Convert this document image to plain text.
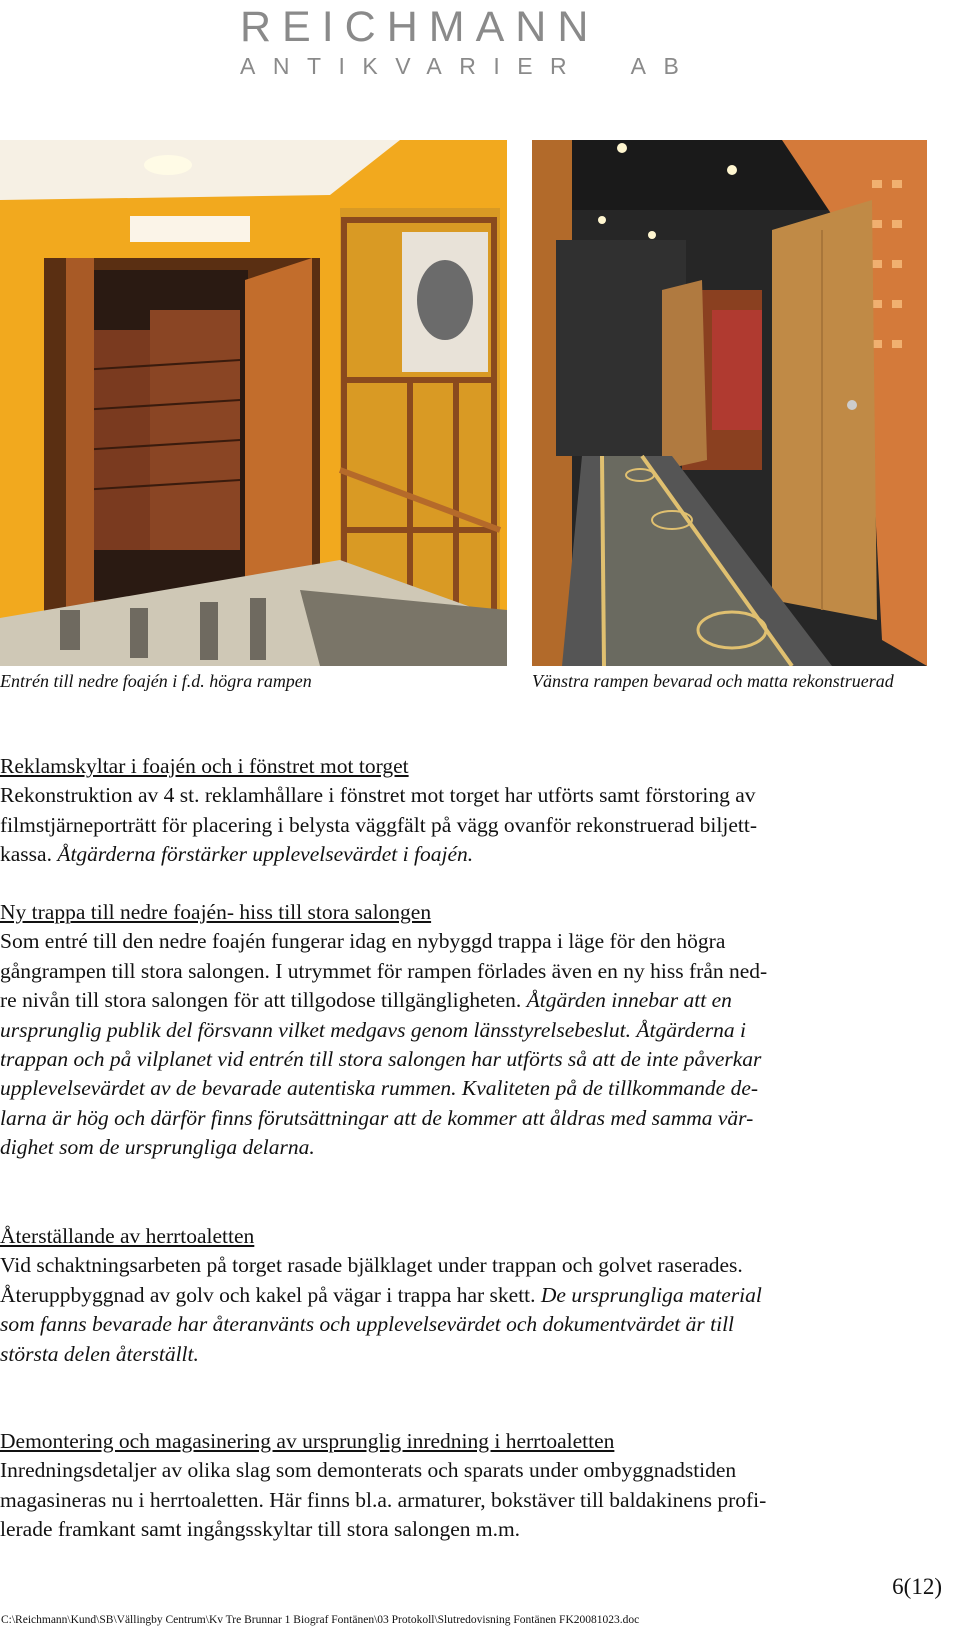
REICHMANN
ANTIKVARIER  AB
Entrén till nedre foajén i f.d. högra rampen	Vänstra rampen bevarad och matta rekonstruerad

Reklamskyltar i foajén och i fönstret mot torget

Rekonstruktion av 4 st. reklamhållare i fönstret mot torget har utförts samt förstoring av

filmstjärneporträtt för placering i belysta väggfält på vägg ovanför rekonstruerad biljett-

kassa. Åtgärderna förstärker upplevelsevärdet i foajén.

Ny trappa till nedre foajén- hiss till stora salongen

Som entré till den nedre foajén fungerar idag en nybyggd trappa i läge för den högra

gångrampen till stora salongen. I utrymmet för rampen förlades även en ny hiss från ned-

re nivån till stora salongen för att tillgodose tillgängligheten. Åtgärden innebar att en

ursprunglig publik del försvann vilket medgavs genom länsstyrelsebeslut. Åtgärderna i

trappan och på vilplanet vid entrén till stora salongen har utförts så att de inte påverkar

upplevelsevärdet av de bevarade autentiska rummen. Kvaliteten på de tillkommande de-

larna är hög och därför finns förutsättningar att de kommer att åldras med samma vär-

dighet som de ursprungliga delarna.

Återställande av herrtoaletten

Vid schaktningsarbeten på torget rasade bjälklaget under trappan och golvet raserades.

Återuppbyggnad av golv och kakel på vägar i trappa har skett. De ursprungliga material

som fanns bevarade har återanvänts och upplevelsevärdet och dokumentvärdet är till

största delen återställt.

Demontering och magasinering av ursprunglig inredning i herrtoaletten

Inredningsdetaljer av olika slag som demonterats och sparats under ombyggnadstiden

magasineras nu i herrtoaletten. Här finns bl.a. armaturer, bokstäver till baldakinens profi-

lerade framkant samt ingångsskyltar till stora salongen m.m.

6(12)
C:\Reichmann\Kund\SB\Vällingby Centrum\Kv Tre Brunnar 1 Biograf Fontänen\03 Protokoll\Slutredovisning Fontänen FK20081023.doc
